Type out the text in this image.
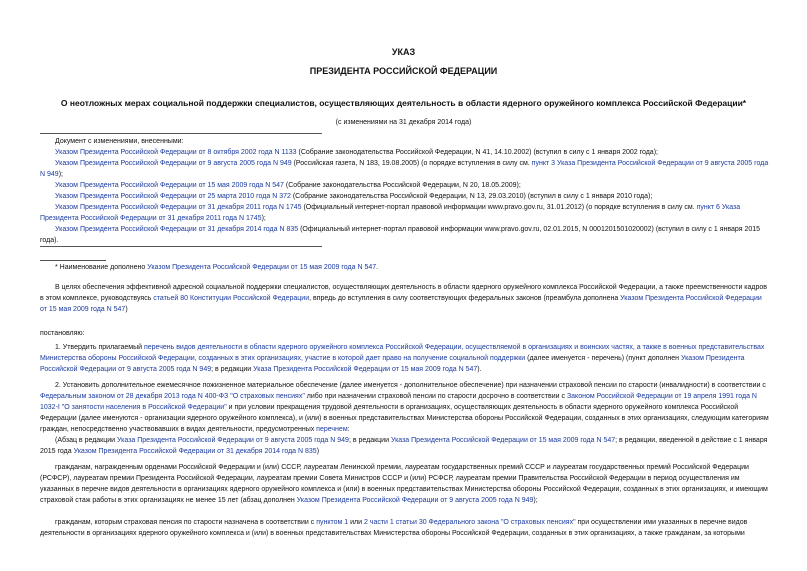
УКАЗ
ПРЕЗИДЕНТА РОССИЙСКОЙ ФЕДЕРАЦИИ
О неотложных мерах социальной поддержки специалистов, осуществляющих деятельность в области ядерного оружейного комплекса Российской Федерации*
(с изменениями на 31 декабря 2014 года)

Документ с изменениями, внесенными:

Указом Президента Российской Федерации от 8 октября 2002 года N 1133 (Собрание законодательства Российской Федерации, N 41, 14.10.2002) (вступил в силу с 1 января 2002 года);

Указом Президента Российской Федерации от 9 августа 2005 года N 949 (Российская газета, N 183, 19.08.2005) (о порядке вступления в силу см. пункт 3 Указа Президента Российской Федерации от 9 августа 2005 года N 949);

Указом Президента Российской Федерации от 15 мая 2009 года N 547 (Собрание законодательства Российской Федерации, N 20, 18.05.2009);

Указом Президента Российской Федерации от 25 марта 2010 года N 372 (Собрание законодательства Российской Федерации, N 13, 29.03.2010) (вступил в силу с 1 января 2010 года);

Указом Президента Российской Федерации от 31 декабря 2011 года N 1745 (Официальный интернет-портал правовой информации www.pravo.gov.ru, 31.01.2012) (о порядке вступления в силу см. пункт 6 Указа Президента Российской Федерации от 31 декабря 2011 года N 1745);

Указом Президента Российской Федерации от 31 декабря 2014 года N 835 (Официальный интернет-портал правовой информации www.pravo.gov.ru, 02.01.2015, N 0001201501020002) (вступил в силу с 1 января 2015 года).

* Наименование дополнено Указом Президента Российской Федерации от 15 мая 2009 года N 547.

В целях обеспечения эффективной адресной социальной поддержки специалистов, осуществляющих деятельность в области ядерного оружейного комплекса Российской Федерации, а также преемственности кадров в этом комплексе, руководствуясь статьей 80 Конституции Российской Федерации, впредь до вступления в силу соответствующих федеральных законов (преамбула дополнена Указом Президента Российской Федерации от 15 мая 2009 года N 547)

постановляю:

1. Утвердить прилагаемый перечень видов деятельности в области ядерного оружейного комплекса Российской Федерации, осуществляемой в организациях и воинских частях, а также в военных представительствах Министерства обороны Российской Федерации, созданных в этих организациях, участие в которой дает право на получение социальной поддержки (далее именуется - перечень) (пункт дополнен Указом Президента Российской Федерации от 9 августа 2005 года N 949; в редакции Указа Президента Российской Федерации от 15 мая 2009 года N 547).

2. Установить дополнительное ежемесячное пожизненное материальное обеспечение (далее именуется - дополнительное обеспечение) при назначении страховой пенсии по старости (инвалидности) в соответствии с Федеральным законом от 28 декабря 2013 года N 400-ФЗ "О страховых пенсиях" либо при назначении страховой пенсии по старости досрочно в соответствии с Законом Российской Федерации от 19 апреля 1991 года N 1032-I "О занятости населения в Российской Федерации" и при условии прекращения трудовой деятельности в организациях, осуществляющих деятельность в области ядерного оружейного комплекса Российской Федерации (далее именуются - организации ядерного оружейного комплекса), и (или) в военных представительствах Министерства обороны Российской Федерации, созданных в этих организациях, следующим категориям граждан, непосредственно участвовавших в видах деятельности, предусмотренных перечнем:

(Абзац в редакции Указа Президента Российской Федерации от 9 августа 2005 года N 949; в редакции Указа Президента Российской Федерации от 15 мая 2009 года N 547; в редакции, введенной в действие с 1 января 2015 года Указом Президента Российской Федерации от 31 декабря 2014 года N 835)

гражданам, награжденным орденами Российской Федерации и (или) СССР, лауреатам Ленинской премии, лауреатам государственных премий СССР и лауреатам государственных премий Российской Федерации (РСФСР), лауреатам премии Президента Российской Федерации, лауреатам премии Совета Министров СССР и (или) РСФСР, лауреатам премии Правительства Российской Федерации в период осуществления им указанных в перечне видов деятельности в организациях ядерного оружейного комплекса и (или) в военных представительствах Министерства обороны Российской Федерации, созданных в этих организациях, и имеющим страховой стаж работы в этих организациях не менее 15 лет (абзац дополнен Указом Президента Российской Федерации от 9 августа 2005 года N 949);

гражданам, которым страховая пенсия по старости назначена в соответствии с пунктом 1 или 2 части 1 статьи 30 Федерального закона "О страховых пенсиях" при осуществлении ими указанных в перечне видов деятельности в организациях ядерного оружейного комплекса и (или) в военных представительствах Министерства обороны Российской Федерации, созданных в этих организациях, а также гражданам, за которыми
